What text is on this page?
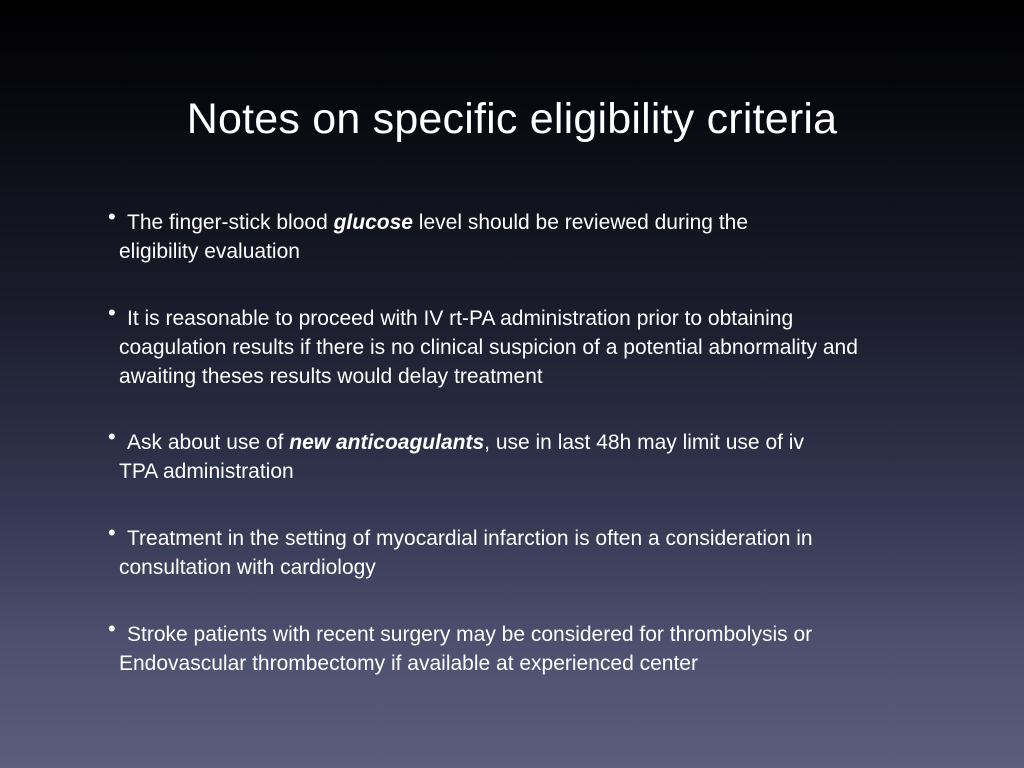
Notes on specific eligibility criteria
• The finger-stick blood glucose level should be reviewed during the
eligibility evaluation
• It is reasonable to proceed with IV rt-PA administration prior to obtaining
coagulation results if there is no clinical suspicion of a potential abnormality and awaiting theses results would delay treatment
• Ask about use of new anticoagulants, use in last 48h may limit use of iv
TPA administration
• Treatment in the setting of myocardial infarction is often a consideration in
consultation with cardiology
• Stroke patients with recent surgery may be considered for thrombolysis or
Endovascular thrombectomy if available at experienced center
